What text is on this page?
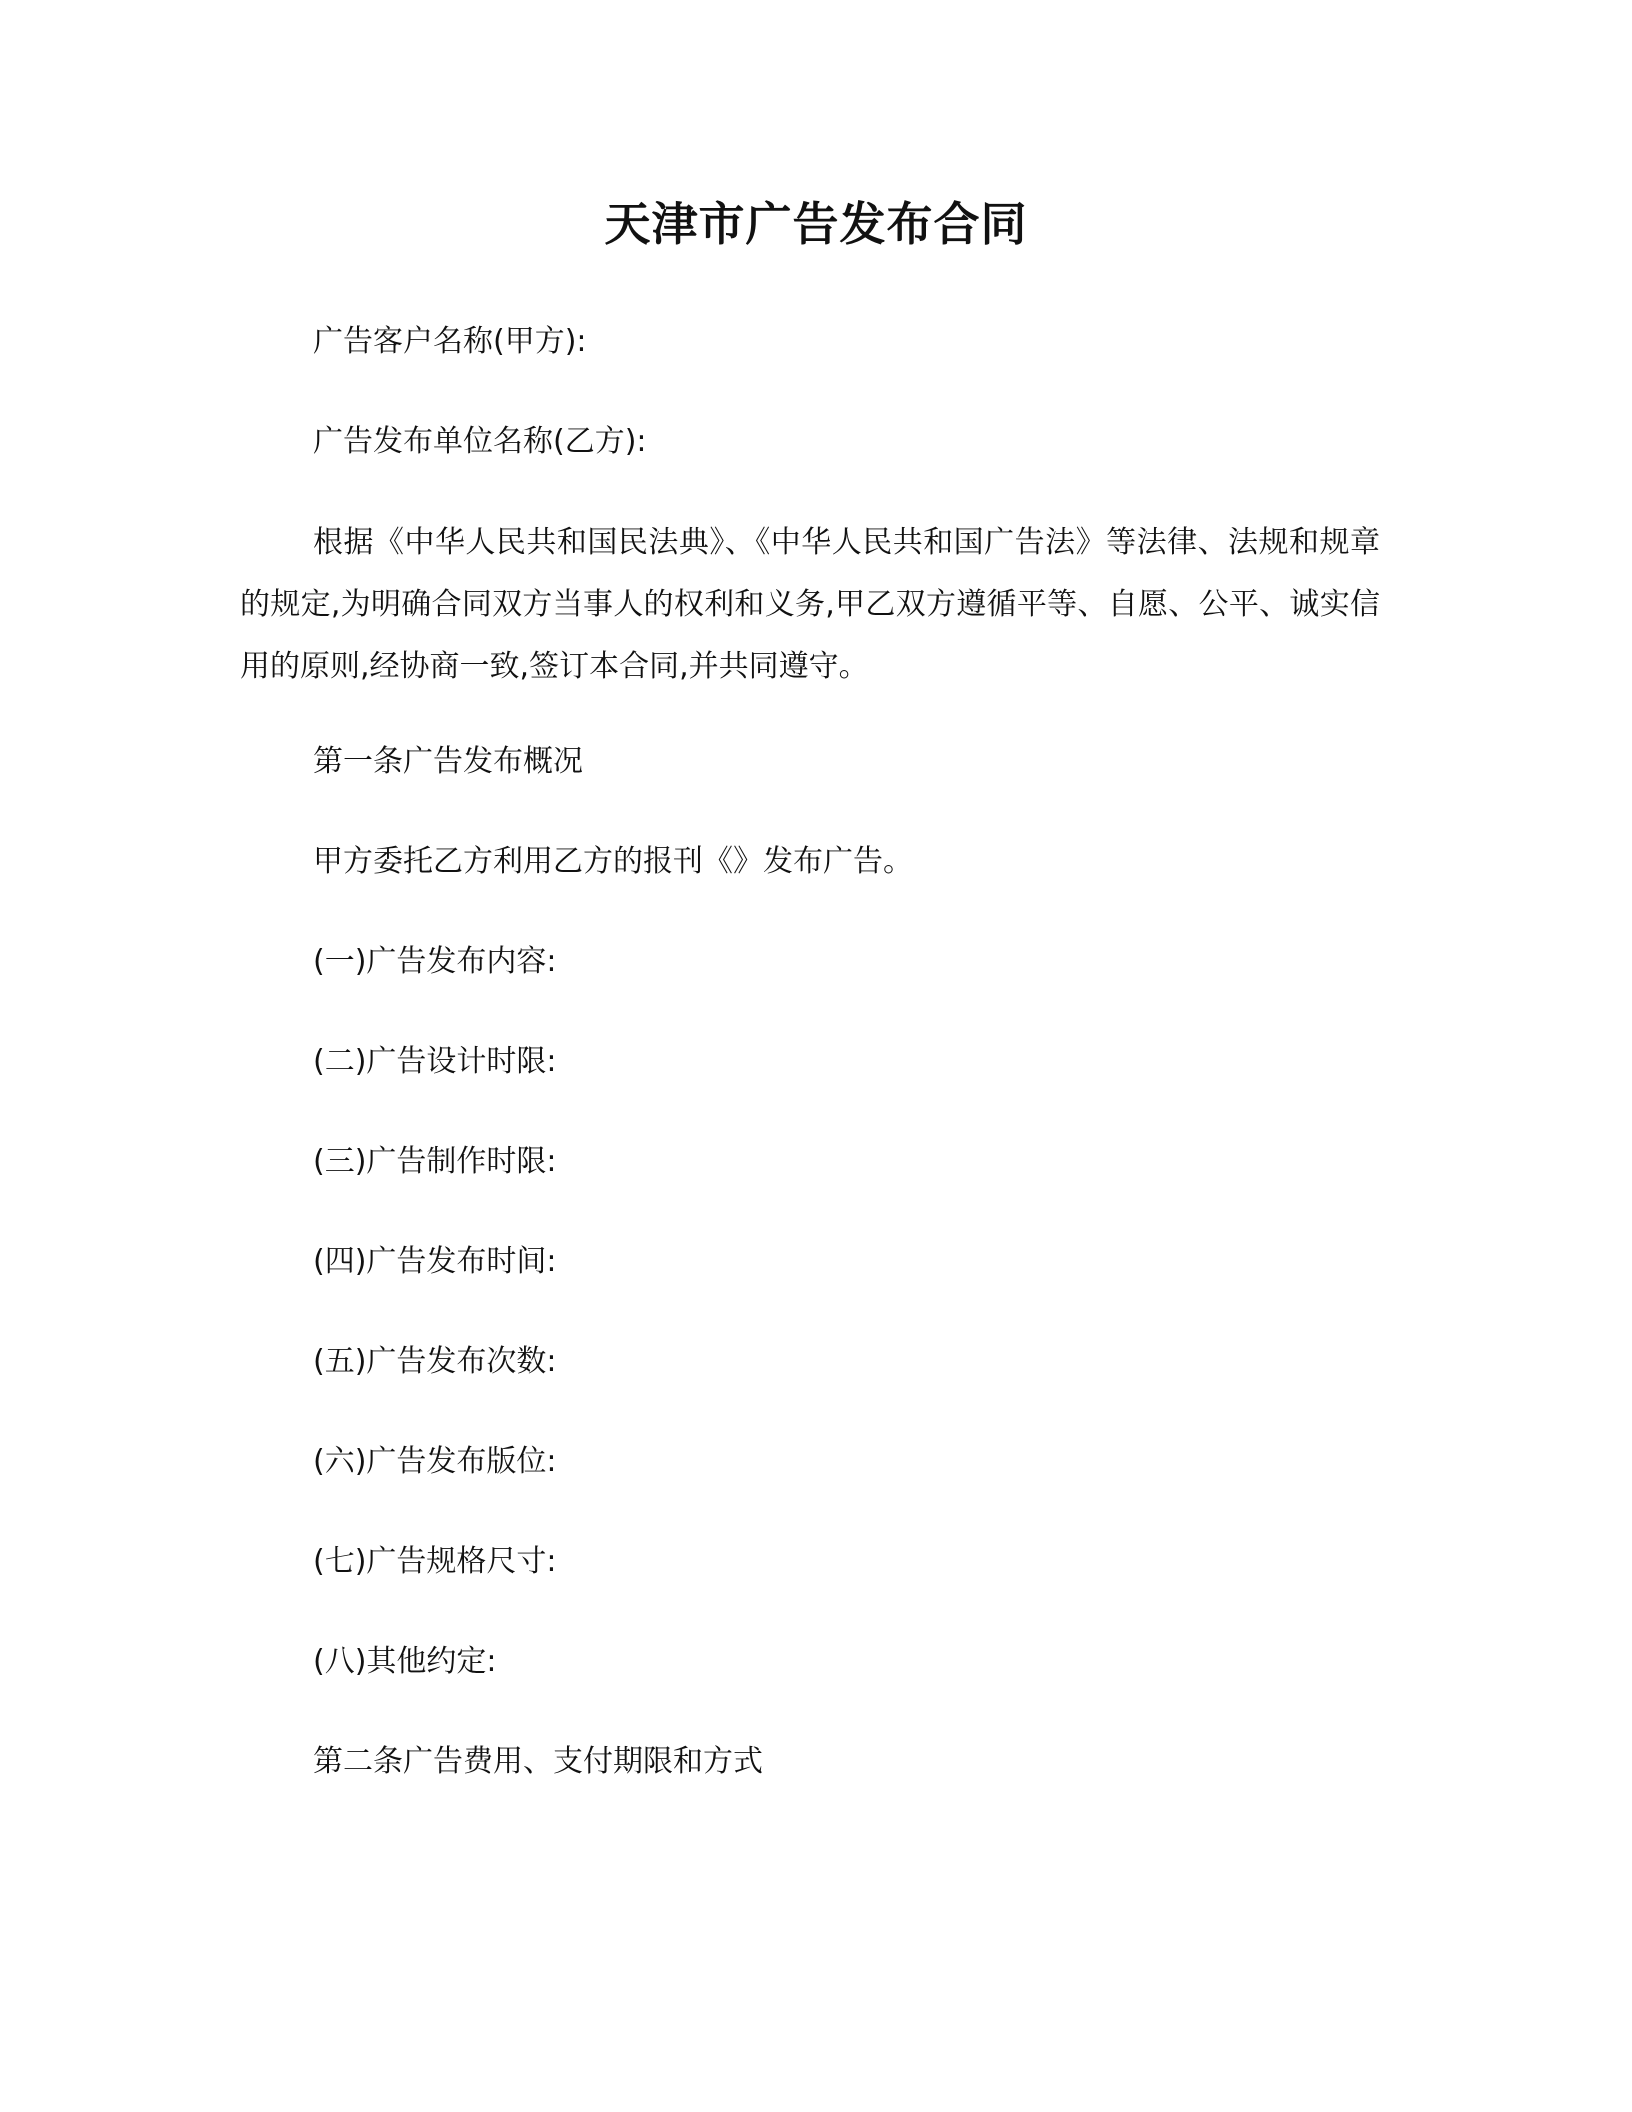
天津市广告发布合同
广告客户名称(甲方):
广告发布单位名称(乙方):
根据《中华人民共和国民法典》、《中华人民共和国广告法》等法律、法规和规章的规定,为明确合同双方当事人的权利和义务,甲乙双方遵循平等、自愿、公平、诚实信用的原则,经协商一致,签订本合同,并共同遵守。
第一条广告发布概况
甲方委托乙方利用乙方的报刊《》发布广告。
(一)广告发布内容:
(二)广告设计时限:
(三)广告制作时限:
(四)广告发布时间:
(五)广告发布次数:
(六)广告发布版位:
(七)广告规格尺寸:
(八)其他约定:
第二条广告费用、支付期限和方式
